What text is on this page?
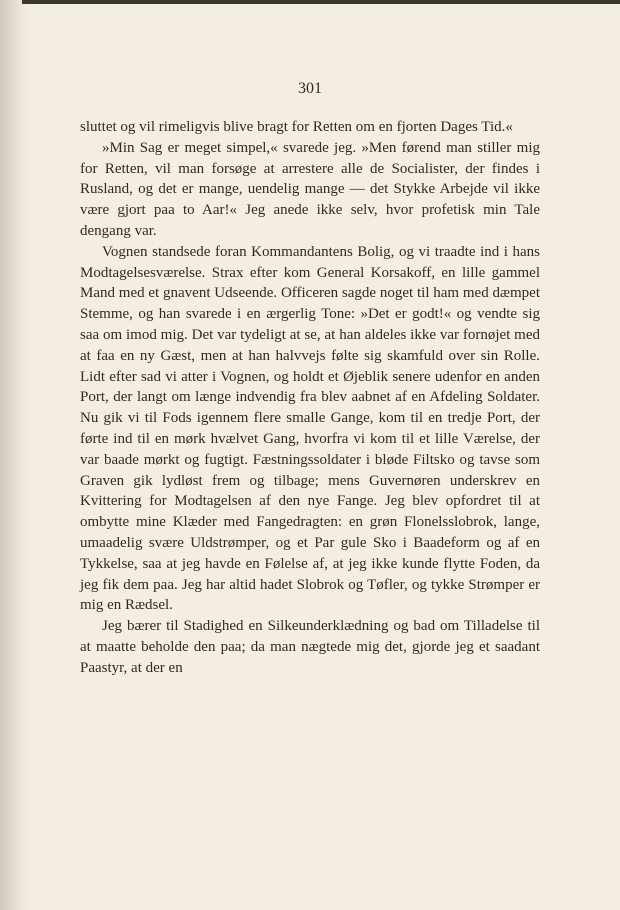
301

sluttet og vil rimeligvis blive bragt for Retten om en fjorten Dages Tid.«

»Min Sag er meget simpel,« svarede jeg. »Men førend man stiller mig for Retten, vil man forsøge at arrestere alle de Socialister, der findes i Rusland, og det er mange, uendelig mange — det Stykke Arbejde vil ikke være gjort paa to Aar!« Jeg anede ikke selv, hvor profetisk min Tale dengang var.

Vognen standsede foran Kommandantens Bolig, og vi traadte ind i hans Modtagelsesværelse. Strax efter kom General Korsakoff, en lille gammel Mand med et gnavent Udseende. Officeren sagde noget til ham med dæmpet Stemme, og han svarede i en ærgerlig Tone: »Det er godt!« og vendte sig saa om imod mig. Det var tydeligt at se, at han aldeles ikke var fornøjet med at faa en ny Gæst, men at han halvvejs følte sig skamfuld over sin Rolle. Lidt efter sad vi atter i Vognen, og holdt et Øjeblik senere udenfor en anden Port, der langt om længe indvendig fra blev aabnet af en Afdeling Soldater. Nu gik vi til Fods igennem flere smalle Gange, kom til en tredje Port, der førte ind til en mørk hvælvet Gang, hvorfra vi kom til et lille Værelse, der var baade mørkt og fugtigt. Fæstningssoldater i bløde Filtsko og tavse som Graven gik lydløst frem og tilbage; mens Guvernøren underskrev en Kvittering for Modtagelsen af den nye Fange. Jeg blev opfordret til at ombytte mine Klæder med Fangedragten: en grøn Flonelsslobrok, lange, umaadelig svære Uldstrømper, og et Par gule Sko i Baadeform og af en Tykkelse, saa at jeg havde en Følelse af, at jeg ikke kunde flytte Foden, da jeg fik dem paa. Jeg har altid hadet Slobrok og Tøfler, og tykke Strømper er mig en Rædsel.

Jeg bærer til Stadighed en Silkeunderklædning og bad om Tilladelse til at maatte beholde den paa; da man nægtede mig det, gjorde jeg et saadant Paastyr, at der en
